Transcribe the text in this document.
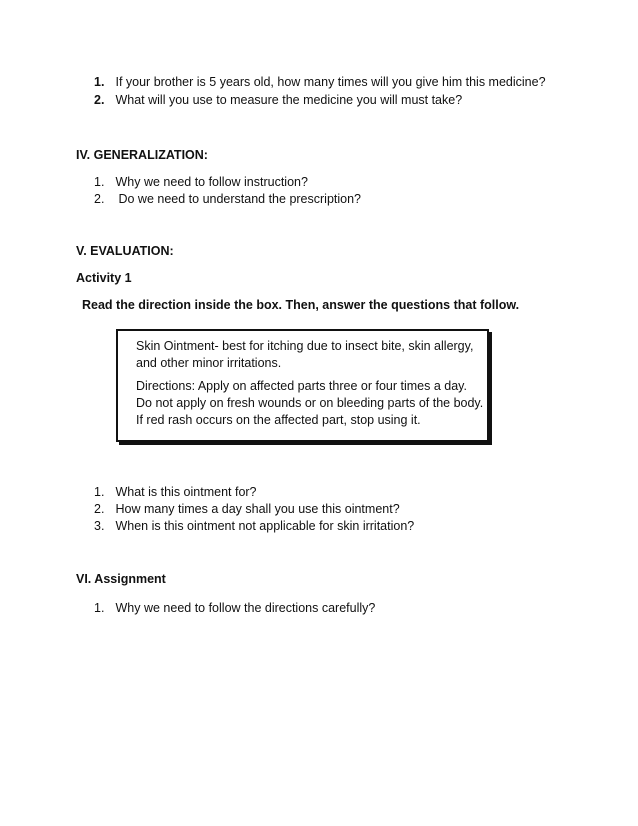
1. If your brother is 5 years old, how many times will you give him this medicine?
2. What will you use to measure the medicine you will must take?
IV. GENERALIZATION:
1. Why we need to follow instruction?
2. Do we need to understand the prescription?
V. EVALUATION:
Activity 1
Read the direction inside the box. Then, answer the questions that follow.
Skin Ointment- best for itching due to insect bite, skin allergy,
and other minor irritations.
Directions: Apply on affected parts three or four times a day.
Do not apply on fresh wounds or on bleeding parts of the body.
If red rash occurs on the affected part, stop using it.
1. What is this ointment for?
2. How many times a day shall you use this ointment?
3. When is this ointment not applicable for skin irritation?
VI. Assignment
1. Why we need to follow the directions carefully?
